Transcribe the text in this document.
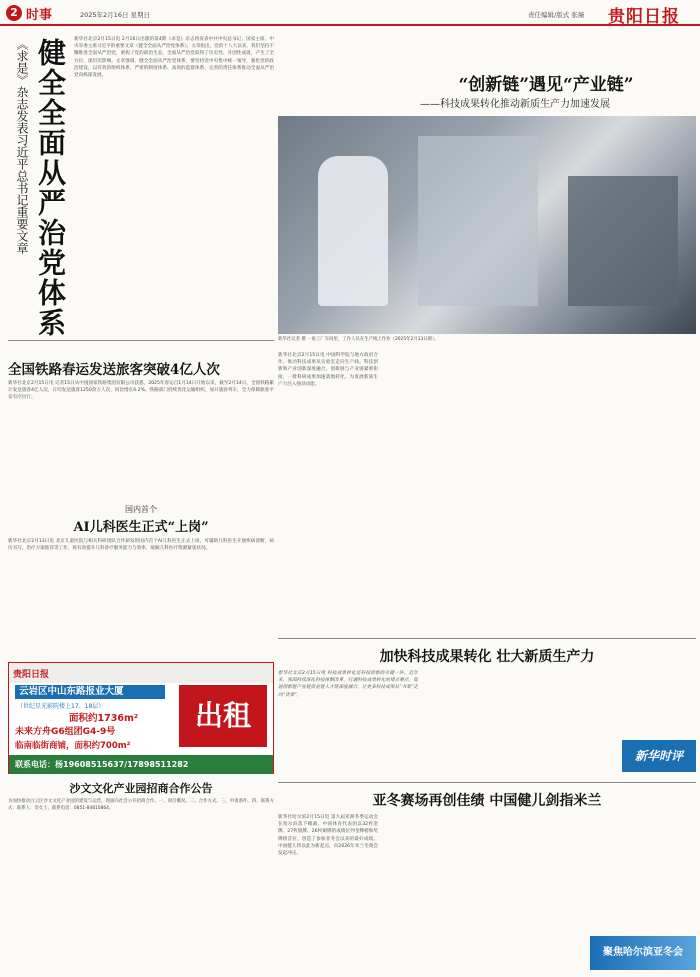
2 时事	2025年2月16日 星期日	责任编辑/版式 张薇 贵阳日报
《求是》杂志发表习近平总书记重要文章 健全全面从严治党体系 新华社北京2月15日电 2月16日出版的第4期《求是》杂志将发表中共中央总书记、国家主席、中央军委主席习近平的重要文章《健全全面从严治党体系》。文章指出，党的十八大以来，我们坚持不懈推进全面从严治党，重构了党的政治生态，全面从严治党取得了历史性、开创性成就，产生了全方位、深层次影响。文章强调，健全全面从严治党体系，要坚持党中央集中统一领导，强化党的政治建设，以有效的组织体系、严密的制度体系、高效的监督体系、完善的责任体系推动全面从严治党向纵深发展。	“创新链”遇见“产业链”
——科技成果转化推动新质生产力加速发展
新华社记者 摄 一座工厂车间里，工作人员在生产线上作业（2025年2月13日摄）。
新华社北京2月15日电 中国科学院与地方政府合作，推动科技成果从实验室走向生产线。科技创新和产业创新深度融合，创新链与产业链紧密衔接，一批科研成果加速落地转化，为发展新质生产力注入强劲动能。
全国铁路春运发送旅客突破4亿人次
新华社北京2月15日电 记者15日从中国国家铁路集团有限公司获悉，2025年春运自1月14日开始以来，截至2月14日，全国铁路累计发送旅客4亿人次，日均发送旅客1250余万人次，同比增长6.2%。铁路部门持续优化运输组织，加开旅客列车，全力保障旅客平安有序出行。
国内首个
AI儿科医生正式“上岗”
新华社北京2月13日电 北京儿童医院与相关科研团队合作研发的国内首个AI儿科医生正式上岗，可辅助儿科医生开展疾病诊断、病历书写、治疗方案推荐等工作，将有效提升儿科诊疗服务能力与效率，缓解儿科医疗资源紧张状况。
贵阳日报
云岩区中山东路报业大厦
（世纪星光影院楼上17、18层）
面积约1736m²
未来方舟G6组团G4-9号
临南临街商铺，面积约700m²
出租
联系电话：杨19608515637/17898511282
沙文文化产业园招商合作公告
为加快推动白云区沙文文化产业园的建设与运营，现面向社会公开招商合作。一、项目概况。二、合作方式。三、申请条件。四、联系方式：联系人：余女士，联系电话：0851-84810864。
加快科技成果转化 壮大新质生产力
新华社北京2月15日电 科技成果转化是科技创新的关键一环。近年来，我国持续深化科技体制改革，打通科技成果转化的堵点难点，促进创新链产业链资金链人才链深度融合，让更多科技成果从“书架”走向“货架”。
新华时评
亚冬赛场再创佳绩 中国健儿剑指米兰
新华社哈尔滨2月15日电 第九届亚洲冬季运动会在哈尔滨落下帷幕，中国体育代表团以32枚金牌、27枚银牌、26枚铜牌的成绩位列金牌榜和奖牌榜首位，创造了参加亚冬会以来的最好成绩。中国健儿将以此为新起点，向2026年米兰冬奥会发起冲击。
聚焦哈尔滨亚冬会
